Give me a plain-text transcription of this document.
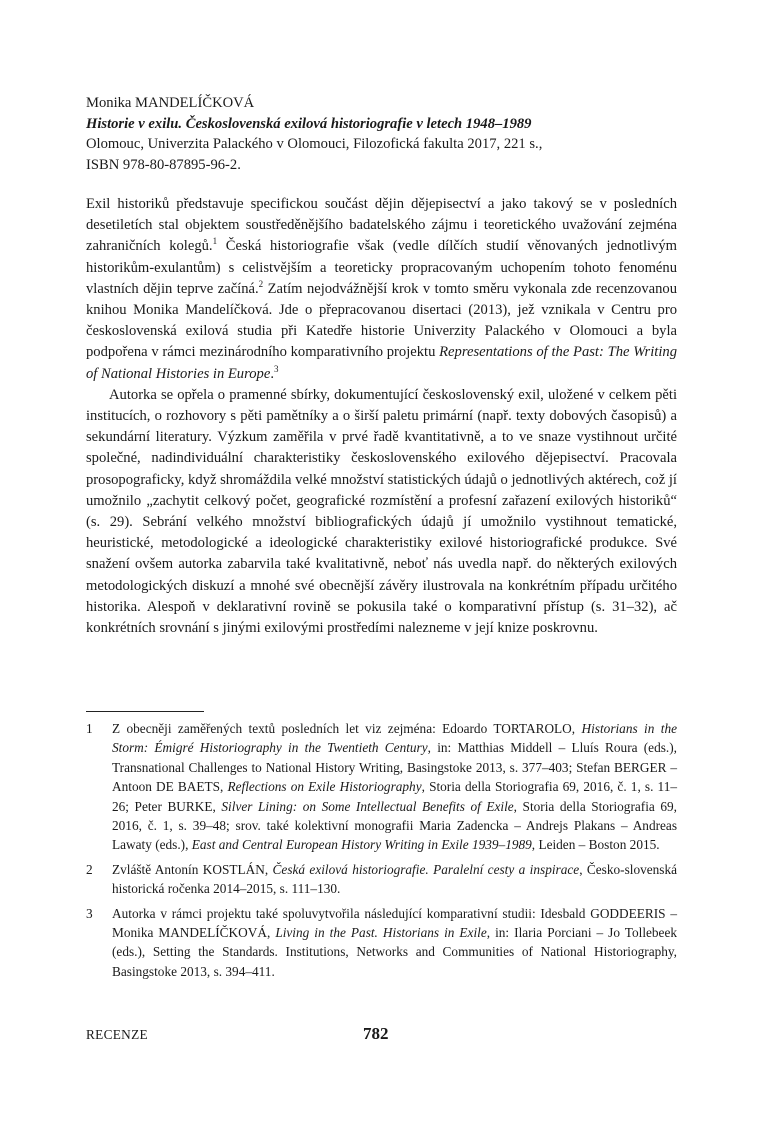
Monika MANDELÍČKOVÁ
Historie v exilu. Československá exilová historiografie v letech 1948–1989
Olomouc, Univerzita Palackého v Olomouci, Filozofická fakulta 2017, 221 s.,
ISBN 978-80-87895-96-2.

Exil historiků představuje specifickou součást dějin dějepisectví a jako takový se v posledních desetiletích stal objektem soustředěnějšího badatelského zájmu i teoretického uvažování zejména zahraničních kolegů.$^1$ Česká historiografie však (vedle dílčích studií věnovaných jednotlivým historikům-exulantům) s celistvějším a teoreticky propracovaným uchopením tohoto fenoménu vlastních dějin teprve začíná.$^2$ Zatím nejodvážnější krok v tomto směru vykonala zde recenzovanou knihou Monika Mandelíčková. Jde o přepracovanou disertaci (2013), jež vznikala v Centru pro československá exilová studia při Katedře historie Univerzity Palackého v Olomouci a byla podpořena v rámci mezinárodního komparativního projektu Representations of the Past: The Writing of National Histories in Europe.$^3$

Autorka se opřela o pramenné sbírky, dokumentující československý exil, uložené v celkem pěti institucích, o rozhovory s pěti pamětníky a o širší paletu primární (např. texty dobových časopisů) a sekundární literatury. Výzkum zaměřila v prvé řadě kvantitativně, a to ve snaze vystihnout určité společné, nadindividuální charakteristiky československého exilového dějepisectví. Pracovala prosopograficky, když shromáždila velké množství statistických údajů o jednotlivých aktérech, což jí umožnilo „zachytit celkový počet, geografické rozmístění a profesní zařazení exilových historiků“ (s. 29). Sebrání velkého množství bibliografických údajů jí umožnilo vystihnout tematické, heuristické, metodologické a ideologické charakteristiky exilové historiografické produkce. Své snažení ovšem autorka zabarvila také kvalitativně, neboť nás uvedla např. do některých exilových metodologických diskuzí a mnohé své obecnější závěry ilustrovala na konkrétním případu určitého historika. Alespoň v deklarativní rovině se pokusila také o komparativní přístup (s. 31–32), ač konkrétních srovnání s jinými exilovými prostředími nalezneme v její knize poskrovnu.

1	Z obecněji zaměřených textů posledních let viz zejména: Edoardo TORTAROLO, Historians in the Storm: Émigré Historiography in the Twentieth Century, in: Matthias Middell – Lluís Roura (eds.), Transnational Challenges to National History Writing, Basingstoke 2013, s. 377–403; Stefan BERGER – Antoon DE BAETS, Reflections on Exile Historiography, Storia della Storiografia 69, 2016, č. 1, s. 11–26; Peter BURKE, Silver Lining: on Some Intellectual Benefits of Exile, Storia della Storiografia 69, 2016, č. 1, s. 39–48; srov. také kolektivní monografii Maria Zadencka – Andrejs Plakans – Andreas Lawaty (eds.), East and Central European History Writing in Exile 1939–1989, Leiden – Boston 2015.
2	Zvláště Antonín KOSTLÁN, Česká exilová historiografie. Paralelní cesty a inspirace, Česko-slovenská historická ročenka 2014–2015, s. 111–130.
3	Autorka v rámci projektu také spoluvytvořila následující komparativní studii: Idesbald GODDEERIS – Monika MANDELÍČKOVÁ, Living in the Past. Historians in Exile, in: Ilaria Porciani – Jo Tollebeek (eds.), Setting the Standards. Institutions, Networks and Communities of National Historiography, Basingstoke 2013, s. 394–411.
RECENZE	782
